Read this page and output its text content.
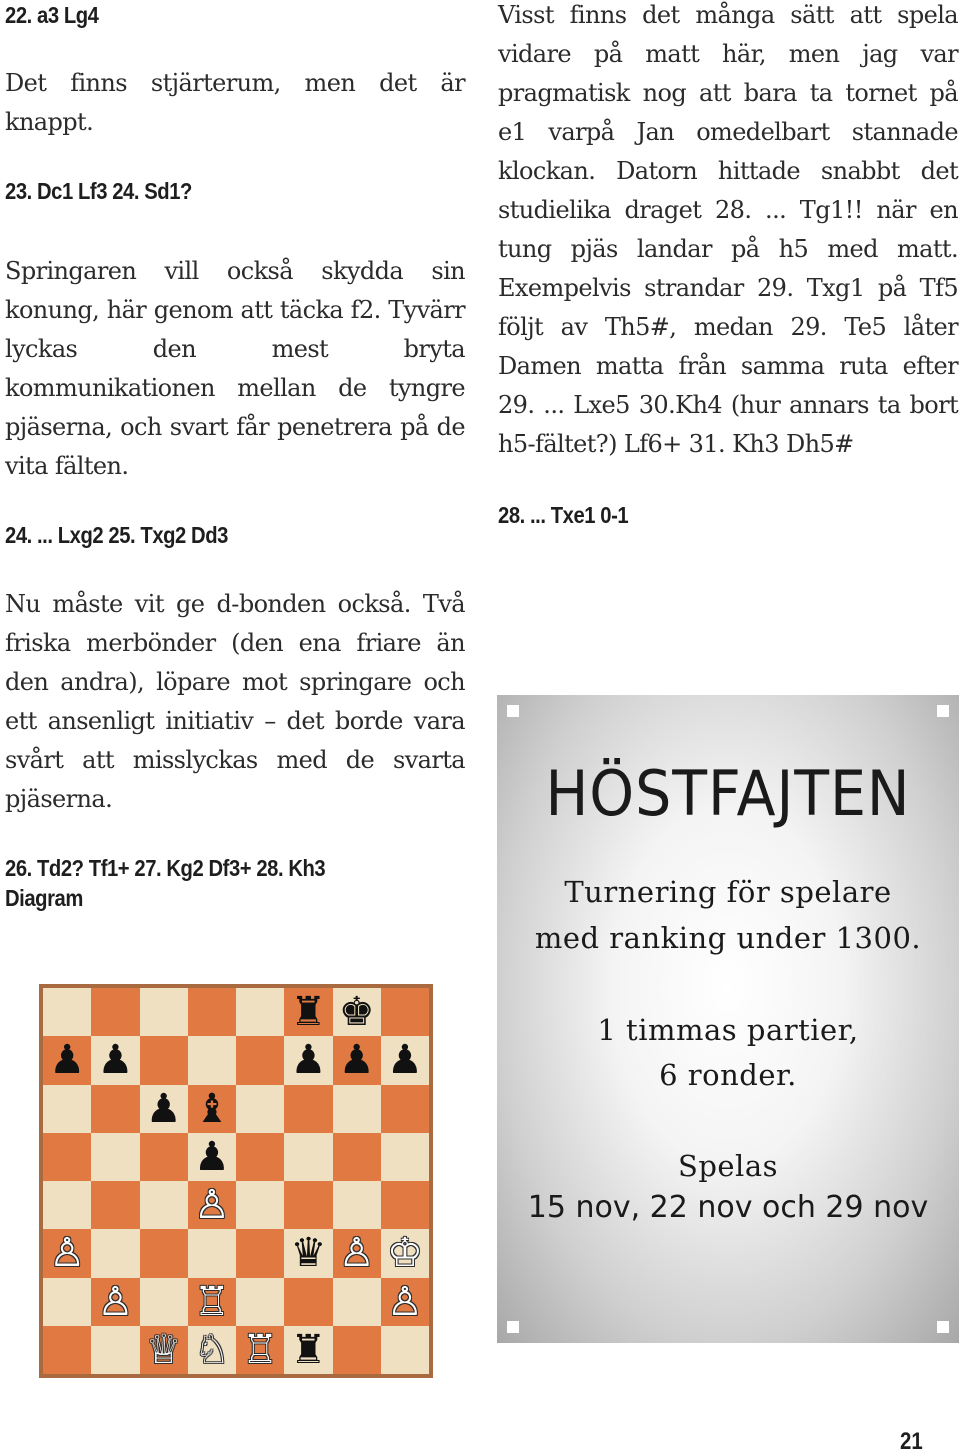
22. a3 Lg4

Det finns stjärterum, men det är knappt.

23. Dc1 Lf3 24. Sd1?

Springaren vill också skydda sin konung, här genom att täcka f2. Tyvärr lyckas den mest bryta kommunikationen mellan de tyngre pjäserna, och svart får penetrera på de vita fälten.

24. ... Lxg2 25. Txg2 Dd3

Nu måste vit ge d-bonden också. Två friska merbönder (den ena friare än den andra), löpare mot springare och ett ansenligt initiativ – det borde vara svårt att misslyckas med de svarta pjäserna.

26. Td2? Tf1+ 27. Kg2 Df3+ 28. Kh3

Diagram

Visst finns det många sätt att spela vidare på matt här, men jag var pragmatisk nog att bara ta tornet på e1 varpå Jan omedelbart stannade klockan. Datorn hittade snabbt det studielika draget 28. ... Tg1!! när en tung pjäs landar på h5 med matt. Exempelvis strandar 29. Txg1 på Tf5 följt av Th5#, medan 29. Te5 låter Damen matta från samma ruta efter 29. ... Lxe5 30.Kh4 (hur annars ta bort h5-fältet?) Lf6+ 31. Kh3 Dh5#

28. ... Txe1 0-1

♜ ♚
♟ ♟	♟ ♟ ♟
♟ ♝
♟
♙
♙	♛ ♙ ♔
♙ ♖	♙
♕ ♘ ♖ ♜
HÖSTFAJTEN
Turnering för spelare
med ranking under 1300.
1 timmas partier,
6 ronder.
Spelas
15 nov, 22 nov och 29 nov
21
